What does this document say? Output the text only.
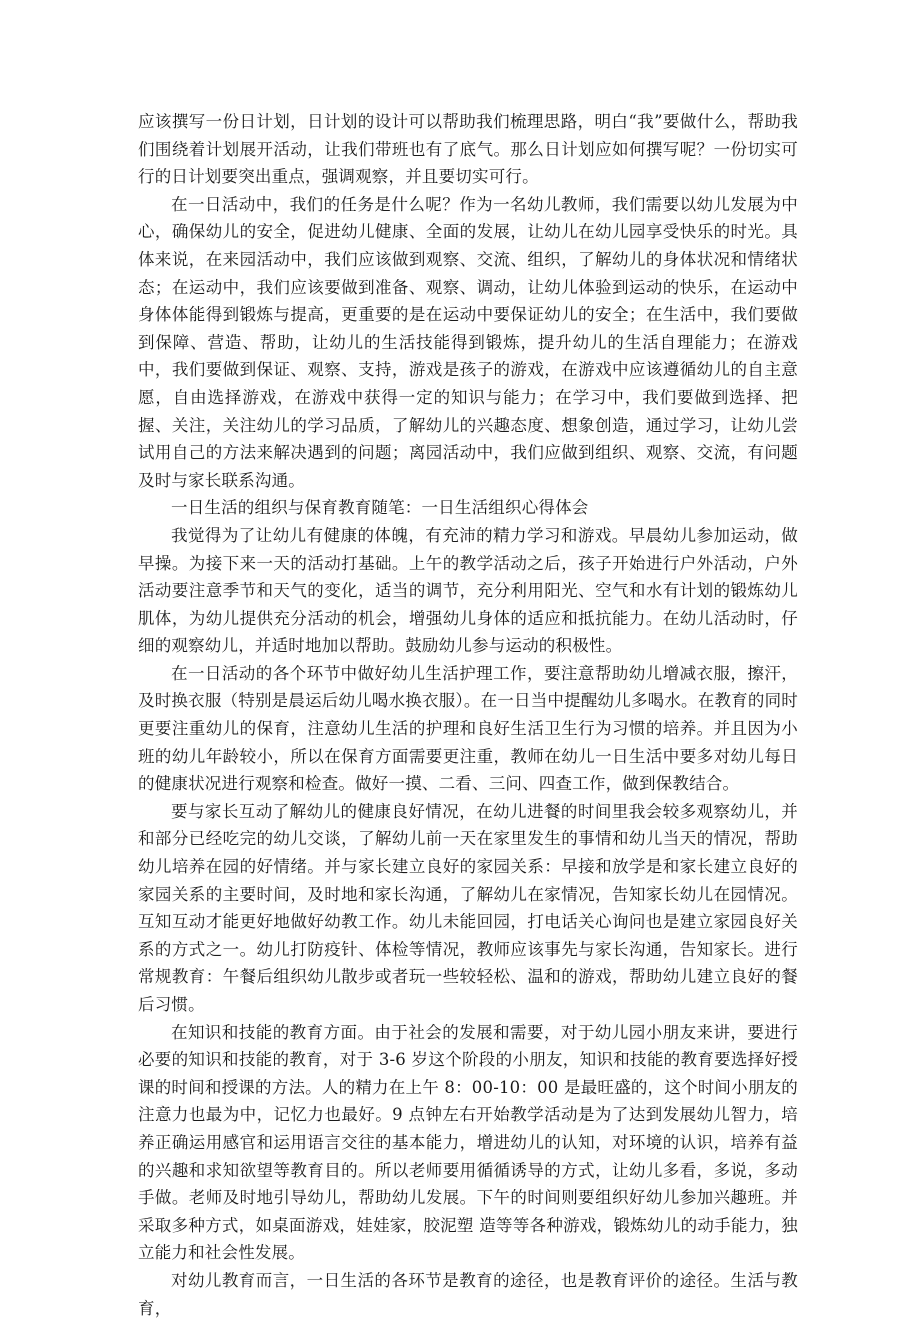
应该撰写一份日计划，日计划的设计可以帮助我们梳理思路，明白“我”要做什么，帮助我们围绕着计划展开活动，让我们带班也有了底气。那么日计划应如何撰写呢？一份切实可行的日计划要突出重点，强调观察，并且要切实可行。

在一日活动中，我们的任务是什么呢？作为一名幼儿教师，我们需要以幼儿发展为中心，确保幼儿的安全，促进幼儿健康、全面的发展，让幼儿在幼儿园享受快乐的时光。具体来说，在来园活动中，我们应该做到观察、交流、组织，了解幼儿的身体状况和情绪状态；在运动中，我们应该要做到准备、观察、调动，让幼儿体验到运动的快乐，在运动中身体体能得到锻炼与提高，更重要的是在运动中要保证幼儿的安全；在生活中，我们要做到保障、营造、帮助，让幼儿的生活技能得到锻炼，提升幼儿的生活自理能力；在游戏中，我们要做到保证、观察、支持，游戏是孩子的游戏，在游戏中应该遵循幼儿的自主意愿，自由选择游戏，在游戏中获得一定的知识与能力；在学习中，我们要做到选择、把握、关注，关注幼儿的学习品质，了解幼儿的兴趣态度、想象创造，通过学习，让幼儿尝试用自己的方法来解决遇到的问题；离园活动中，我们应做到组织、观察、交流，有问题及时与家长联系沟通。

一日生活的组织与保育教育随笔：一日生活组织心得体会

我觉得为了让幼儿有健康的体魄，有充沛的精力学习和游戏。早晨幼儿参加运动，做早操。为接下来一天的活动打基础。上午的教学活动之后，孩子开始进行户外活动，户外活动要注意季节和天气的变化，适当的调节，充分利用阳光、空气和水有计划的锻炼幼儿肌体，为幼儿提供充分活动的机会，增强幼儿身体的适应和抵抗能力。在幼儿活动时，仔细的观察幼儿，并适时地加以帮助。鼓励幼儿参与运动的积极性。

在一日活动的各个环节中做好幼儿生活护理工作，要注意帮助幼儿增减衣服，擦汗，及时换衣服（特别是晨运后幼儿喝水换衣服）。在一日当中提醒幼儿多喝水。在教育的同时更要注重幼儿的保育，注意幼儿生活的护理和良好生活卫生行为习惯的培养。并且因为小班的幼儿年龄较小，所以在保育方面需要更注重，教师在幼儿一日生活中要多对幼儿每日的健康状况进行观察和检查。做好一摸、二看、三问、四查工作，做到保教结合。

要与家长互动了解幼儿的健康良好情况，在幼儿进餐的时间里我会较多观察幼儿，并和部分已经吃完的幼儿交谈，了解幼儿前一天在家里发生的事情和幼儿当天的情况，帮助幼儿培养在园的好情绪。并与家长建立良好的家园关系：早接和放学是和家长建立良好的家园关系的主要时间，及时地和家长沟通，了解幼儿在家情况，告知家长幼儿在园情况。互知互动才能更好地做好幼教工作。幼儿未能回园，打电话关心询问也是建立家园良好关系的方式之一。幼儿打防疫针、体检等情况，教师应该事先与家长沟通，告知家长。进行常规教育：午餐后组织幼儿散步或者玩一些较轻松、温和的游戏，帮助幼儿建立良好的餐后习惯。

在知识和技能的教育方面。由于社会的发展和需要，对于幼儿园小朋友来讲，要进行必要的知识和技能的教育，对于 3-6 岁这个阶段的小朋友，知识和技能的教育要选择好授课的时间和授课的方法。人的精力在上午 8：00-10：00 是最旺盛的，这个时间小朋友的注意力也最为中，记忆力也最好。9 点钟左右开始教学活动是为了达到发展幼儿智力，培养正确运用感官和运用语言交往的基本能力，增进幼儿的认知，对环境的认识，培养有益的兴趣和求知欲望等教育目的。所以老师要用循循诱导的方式，让幼儿多看，多说，多动手做。老师及时地引导幼儿，帮助幼儿发展。下午的时间则要组织好幼儿参加兴趣班。并采取多种方式，如桌面游戏，娃娃家，胶泥塑 造等等各种游戏，锻炼幼儿的动手能力，独立能力和社会性发展。

对幼儿教育而言，一日生活的各环节是教育的途径，也是教育评价的途径。生活与教育，
